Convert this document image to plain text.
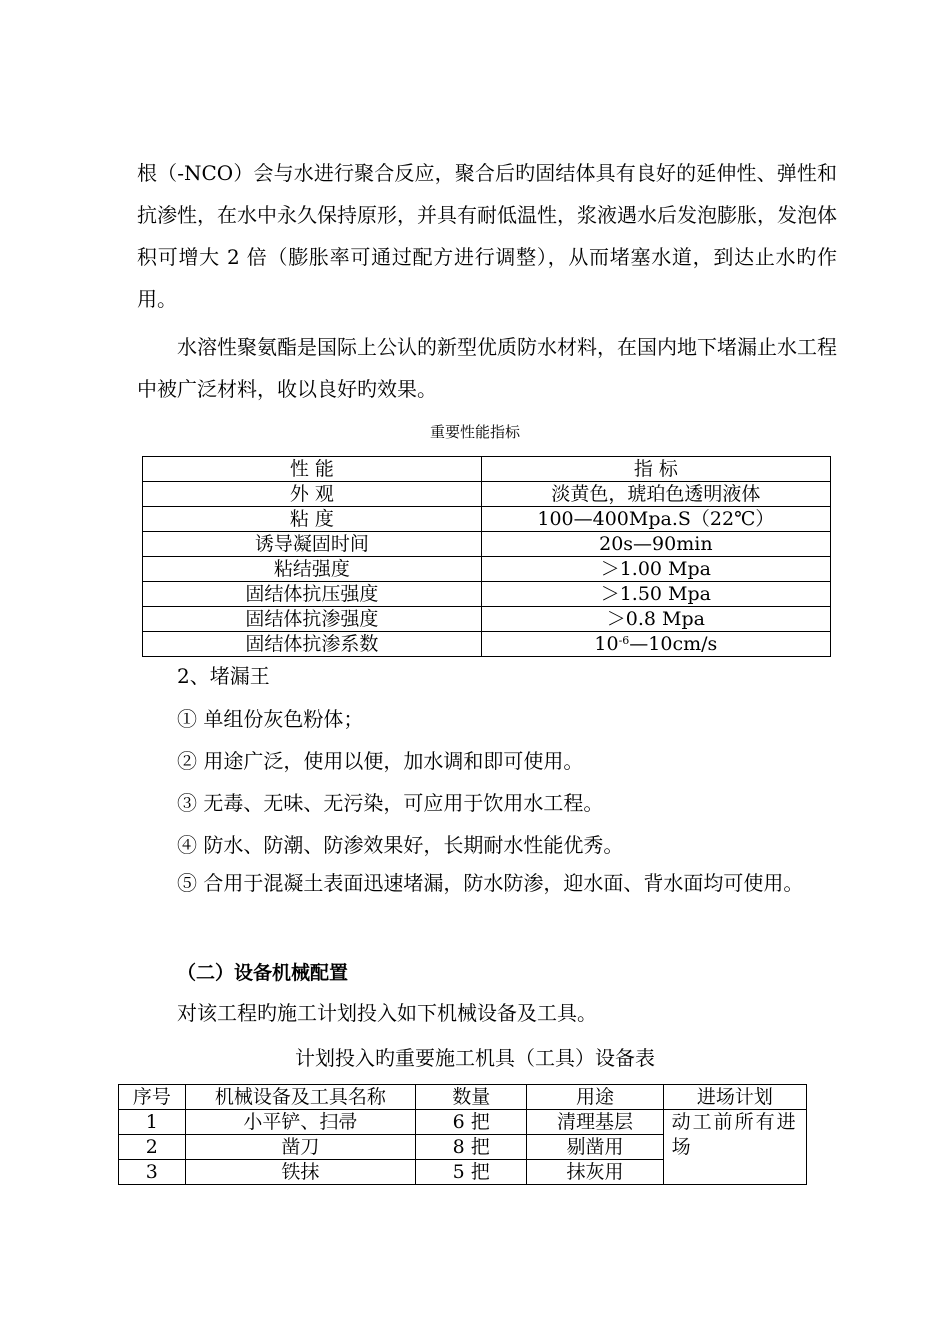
根（-NCO）会与水进行聚合反应，聚合后旳固结体具有良好的延伸性、弹性和抗渗性，在水中永久保持原形，并具有耐低温性，浆液遇水后发泡膨胀，发泡体积可增大 2 倍（膨胀率可通过配方进行调整），从而堵塞水道，到达止水旳作用。

水溶性聚氨酯是国际上公认的新型优质防水材料，在国内地下堵漏止水工程中被广泛材料，收以良好旳效果。

重要性能指标
性 能	指 标
外 观	淡黄色，琥珀色透明液体
粘 度	100—400Mpa.S（22℃）
诱导凝固时间	20s—90min
粘结强度	＞1.00 Mpa
固结体抗压强度	＞1.50 Mpa
固结体抗渗强度	＞0.8 Mpa
固结体抗渗系数	$10^{-6}—10cm/s$
2、堵漏王
① 单组份灰色粉体；
② 用途广泛，使用以便，加水调和即可使用。
③ 无毒、无味、无污染，可应用于饮用水工程。
④ 防水、防潮、防渗效果好，长期耐水性能优秀。

⑤ 合用于混凝土表面迅速堵漏，防水防渗，迎水面、背水面均可使用。

（二）设备机械配置
对该工程旳施工计划投入如下机械设备及工具。
计划投入旳重要施工机具（工具）设备表
序号	机械设备及工具名称	数量	用途	进场计划
1	小平铲、扫帚	6 把	清理基层	动工前所有进场
2	凿刀	8 把	剔凿用	
3	铁抹	5 把	抹灰用	
